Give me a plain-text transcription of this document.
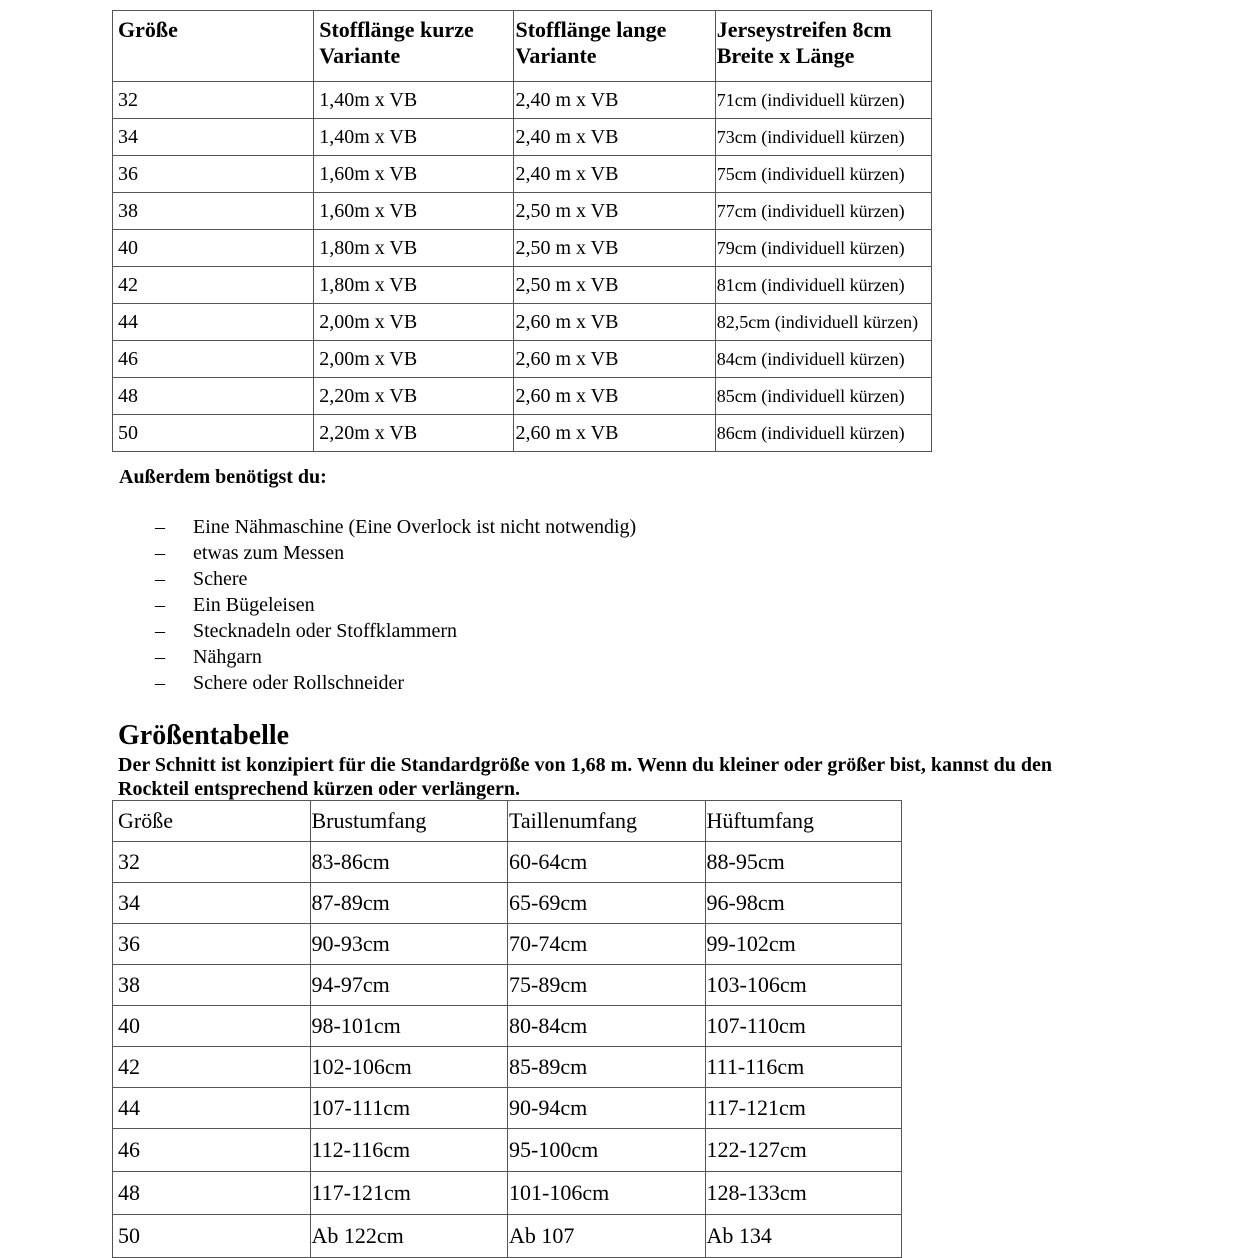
Größe	Stofflänge kurze Variante	Stofflänge lange Variante	Jerseystreifen 8cm Breite x Länge
32	1,40m x VB	2,40 m x VB	71cm (individuell kürzen)
34	1,40m x VB	2,40 m x VB	73cm (individuell kürzen)
36	1,60m x VB	2,40 m x VB	75cm (individuell kürzen)
38	1,60m x VB	2,50 m x VB	77cm (individuell kürzen)
40	1,80m x VB	2,50 m x VB	79cm (individuell kürzen)
42	1,80m x VB	2,50 m x VB	81cm (individuell kürzen)
44	2,00m x VB	2,60 m x VB	82,5cm (individuell kürzen)
46	2,00m x VB	2,60 m x VB	84cm (individuell kürzen)
48	2,20m x VB	2,60 m x VB	85cm (individuell kürzen)
50	2,20m x VB	2,60 m x VB	86cm (individuell kürzen)

Außerdem benötigst du:

– Eine Nähmaschine (Eine Overlock ist nicht notwendig)
– etwas zum Messen
– Schere
– Ein Bügeleisen
– Stecknadeln oder Stoffklammern
– Nähgarn
– Schere oder Rollschneider
Größentabelle

Der Schnitt ist konzipiert für die Standardgröße von 1,68 m. Wenn du kleiner oder größer bist, kannst du den Rockteil entsprechend kürzen oder verlängern.

Größe	Brustumfang	Taillenumfang	Hüftumfang
32	83-86cm	60-64cm	88-95cm
34	87-89cm	65-69cm	96-98cm
36	90-93cm	70-74cm	99-102cm
38	94-97cm	75-89cm	103-106cm
40	98-101cm	80-84cm	107-110cm
42	102-106cm	85-89cm	111-116cm
44	107-111cm	90-94cm	117-121cm
46	112-116cm	95-100cm	122-127cm
48	117-121cm	101-106cm	128-133cm
50	Ab 122cm	Ab 107	Ab 134
